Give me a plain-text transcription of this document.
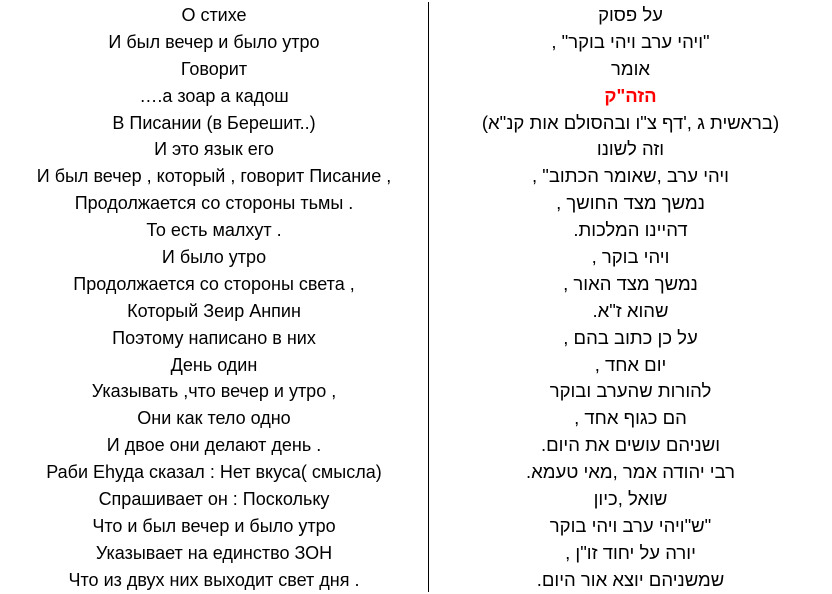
О стихе
И был вечер и было утро
Говорит
….а зоар а кадош
В Писании (в Берешит..)
И это язык его
И был вечер , который , говорит Писание ,
Продолжается со стороны тьмы .
То есть малхут .
И было утро
Продолжается со стороны света ,
Который Зеир Анпин
Поэтому написано в них
День один
Указывать ,что вечер и утро ,
Они как тело одно
И двое они делают день .
Раби Еhуда сказал : Нет вкуса( смысла)
Спрашивает он : Поскольку
Что и был вечер и было утро
Указывает на единство ЗОН
Что из двух них выходит свет дня .
על פסוק
"ויהי ערב ויהי בוקר" ,
אומר
הזה"ק
(בראשית ג ,'דף צ"ו ובהסולם אות קנ"א)
וזה לשונו
ויהי ערב ,שאומר הכתוב" ,
נמשך מצד החושך ,
דהיינו המלכות.
ויהי בוקר ,
נמשך מצד האור ,
שהוא ז"א.
על כן כתוב בהם ,
יום אחד ,
להורות שהערב ובוקר
הם כגוף אחד ,
ושניהם עושים את היום.
רבי יהודה אמר ,מאי טעמא.
שואל ,כיון
"ש"ויהי ערב ויהי בוקר
יורה על יחוד זו"ן ,
שמשניהם יוצא אור היום.
